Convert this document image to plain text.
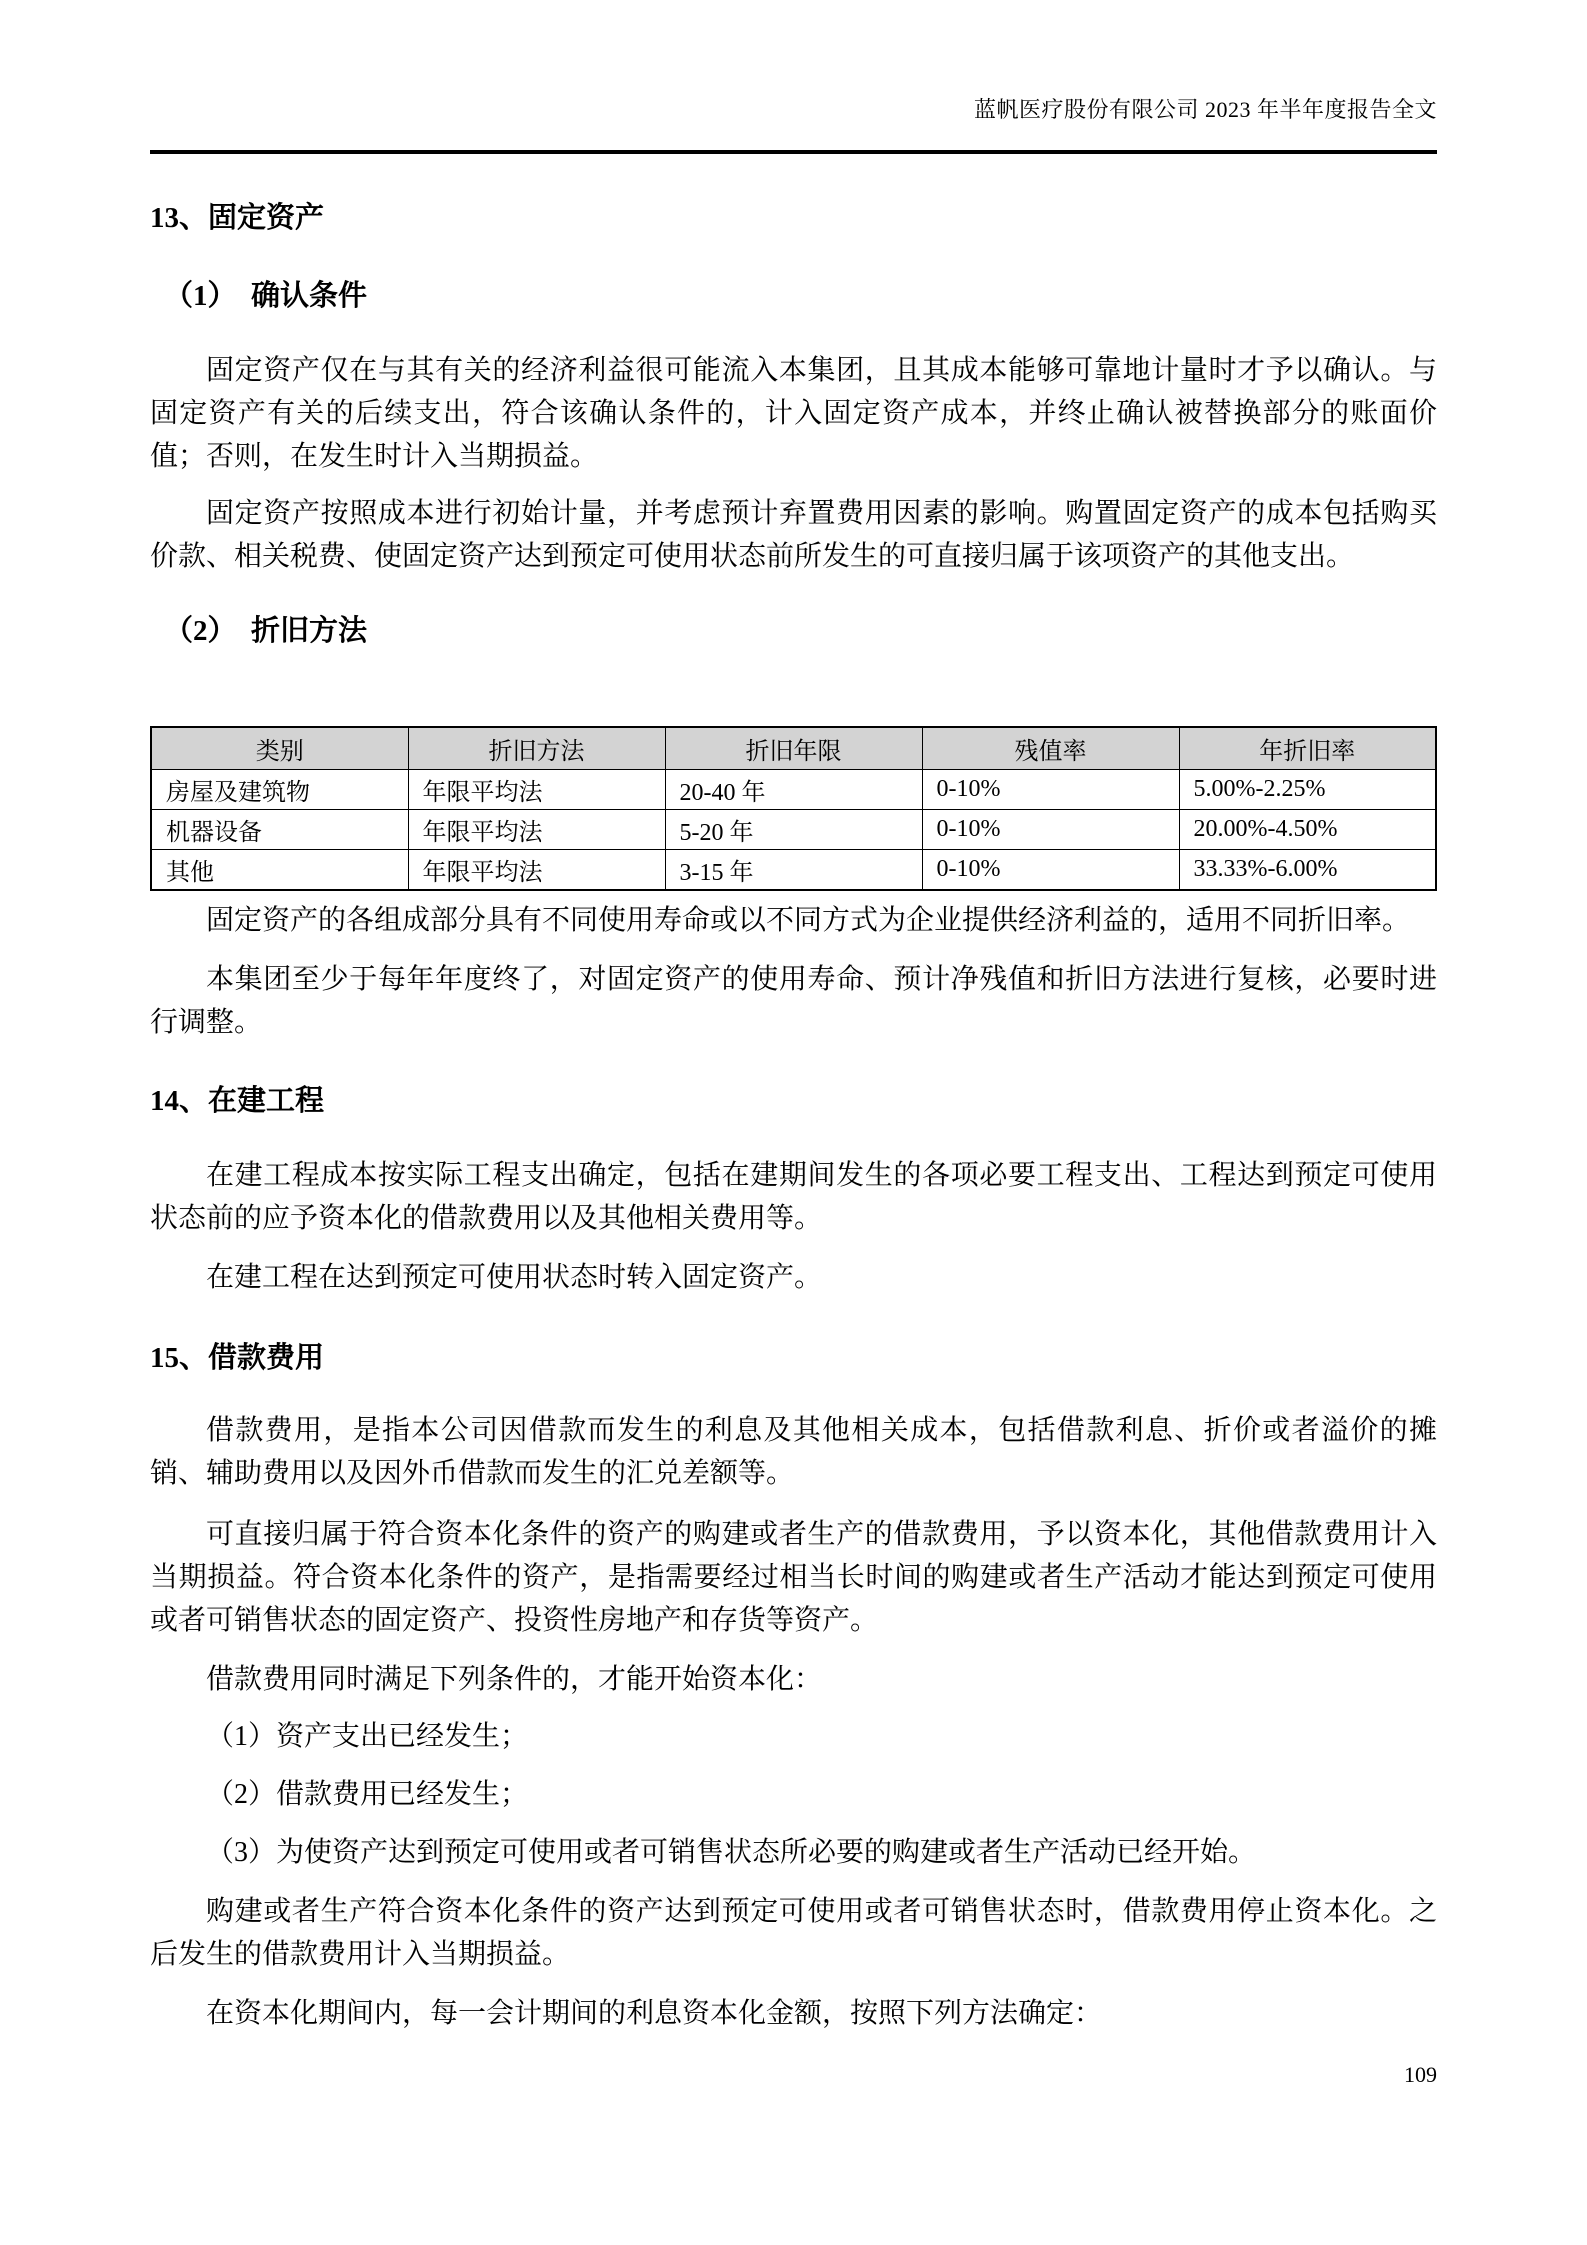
蓝帆医疗股份有限公司 2023 年半年度报告全文
13、固定资产
（1）　确认条件

固定资产仅在与其有关的经济利益很可能流入本集团，且其成本能够可靠地计量时才予以确认。与固定资产有关的后续支出，符合该确认条件的，计入固定资产成本，并终止确认被替换部分的账面价值；否则，在发生时计入当期损益。

固定资产按照成本进行初始计量，并考虑预计弃置费用因素的影响。购置固定资产的成本包括购买价款、相关税费、使固定资产达到预定可使用状态前所发生的可直接归属于该项资产的其他支出。

（2）　折旧方法
类别	折旧方法	折旧年限	残值率	年折旧率
房屋及建筑物	年限平均法	20-40 年	0-10%	5.00%-2.25%
机器设备	年限平均法	5-20 年	0-10%	20.00%-4.50%
其他	年限平均法	3-15 年	0-10%	33.33%-6.00%

固定资产的各组成部分具有不同使用寿命或以不同方式为企业提供经济利益的，适用不同折旧率。

本集团至少于每年年度终了，对固定资产的使用寿命、预计净残值和折旧方法进行复核，必要时进行调整。

14、在建工程

在建工程成本按实际工程支出确定，包括在建期间发生的各项必要工程支出、工程达到预定可使用状态前的应予资本化的借款费用以及其他相关费用等。

在建工程在达到预定可使用状态时转入固定资产。

15、借款费用

借款费用，是指本公司因借款而发生的利息及其他相关成本，包括借款利息、折价或者溢价的摊销、辅助费用以及因外币借款而发生的汇兑差额等。

可直接归属于符合资本化条件的资产的购建或者生产的借款费用，予以资本化，其他借款费用计入当期损益。符合资本化条件的资产，是指需要经过相当长时间的购建或者生产活动才能达到预定可使用或者可销售状态的固定资产、投资性房地产和存货等资产。

借款费用同时满足下列条件的，才能开始资本化：

（1）资产支出已经发生；

（2）借款费用已经发生；

（3）为使资产达到预定可使用或者可销售状态所必要的购建或者生产活动已经开始。

购建或者生产符合资本化条件的资产达到预定可使用或者可销售状态时，借款费用停止资本化。之后发生的借款费用计入当期损益。

在资本化期间内，每一会计期间的利息资本化金额，按照下列方法确定：

109
